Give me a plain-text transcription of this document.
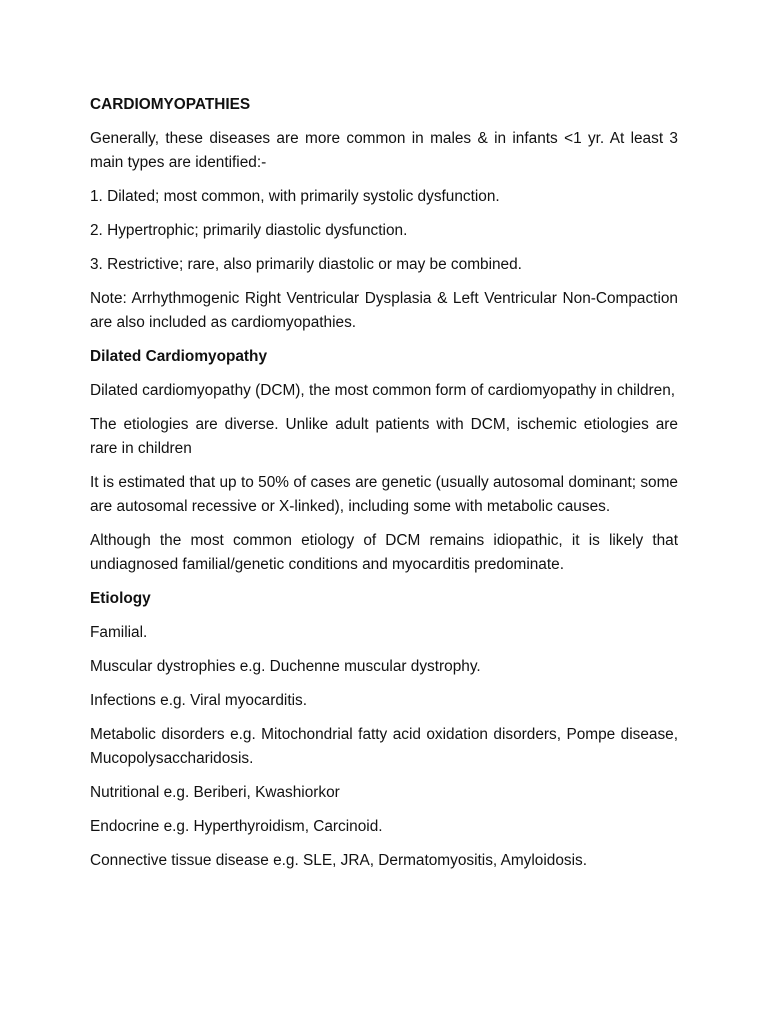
CARDIOMYOPATHIES

Generally, these diseases are more common in males & in infants <1 yr. At least 3 main types are identified:-

1. Dilated; most common, with primarily systolic dysfunction.

2. Hypertrophic; primarily diastolic dysfunction.

3. Restrictive; rare, also primarily diastolic or may be combined.

Note: Arrhythmogenic Right Ventricular Dysplasia & Left Ventricular Non-Compaction are also included as cardiomyopathies.

Dilated Cardiomyopathy

Dilated cardiomyopathy (DCM), the most common form of cardiomyopathy in children,

The etiologies are diverse. Unlike adult patients with DCM, ischemic etiologies are rare in children

It is estimated that up to 50% of cases are genetic (usually autosomal dominant; some are autosomal recessive or X-linked), including some with metabolic causes.

Although the most common etiology of DCM remains idiopathic, it is likely that undiagnosed familial/genetic conditions and myocarditis predominate.

Etiology

Familial.

Muscular dystrophies e.g. Duchenne muscular dystrophy.

Infections e.g. Viral myocarditis.

Metabolic disorders e.g. Mitochondrial fatty acid oxidation disorders, Pompe disease, Mucopolysaccharidosis.

Nutritional e.g. Beriberi, Kwashiorkor

Endocrine e.g. Hyperthyroidism, Carcinoid.

Connective tissue disease e.g. SLE, JRA, Dermatomyositis, Amyloidosis.
